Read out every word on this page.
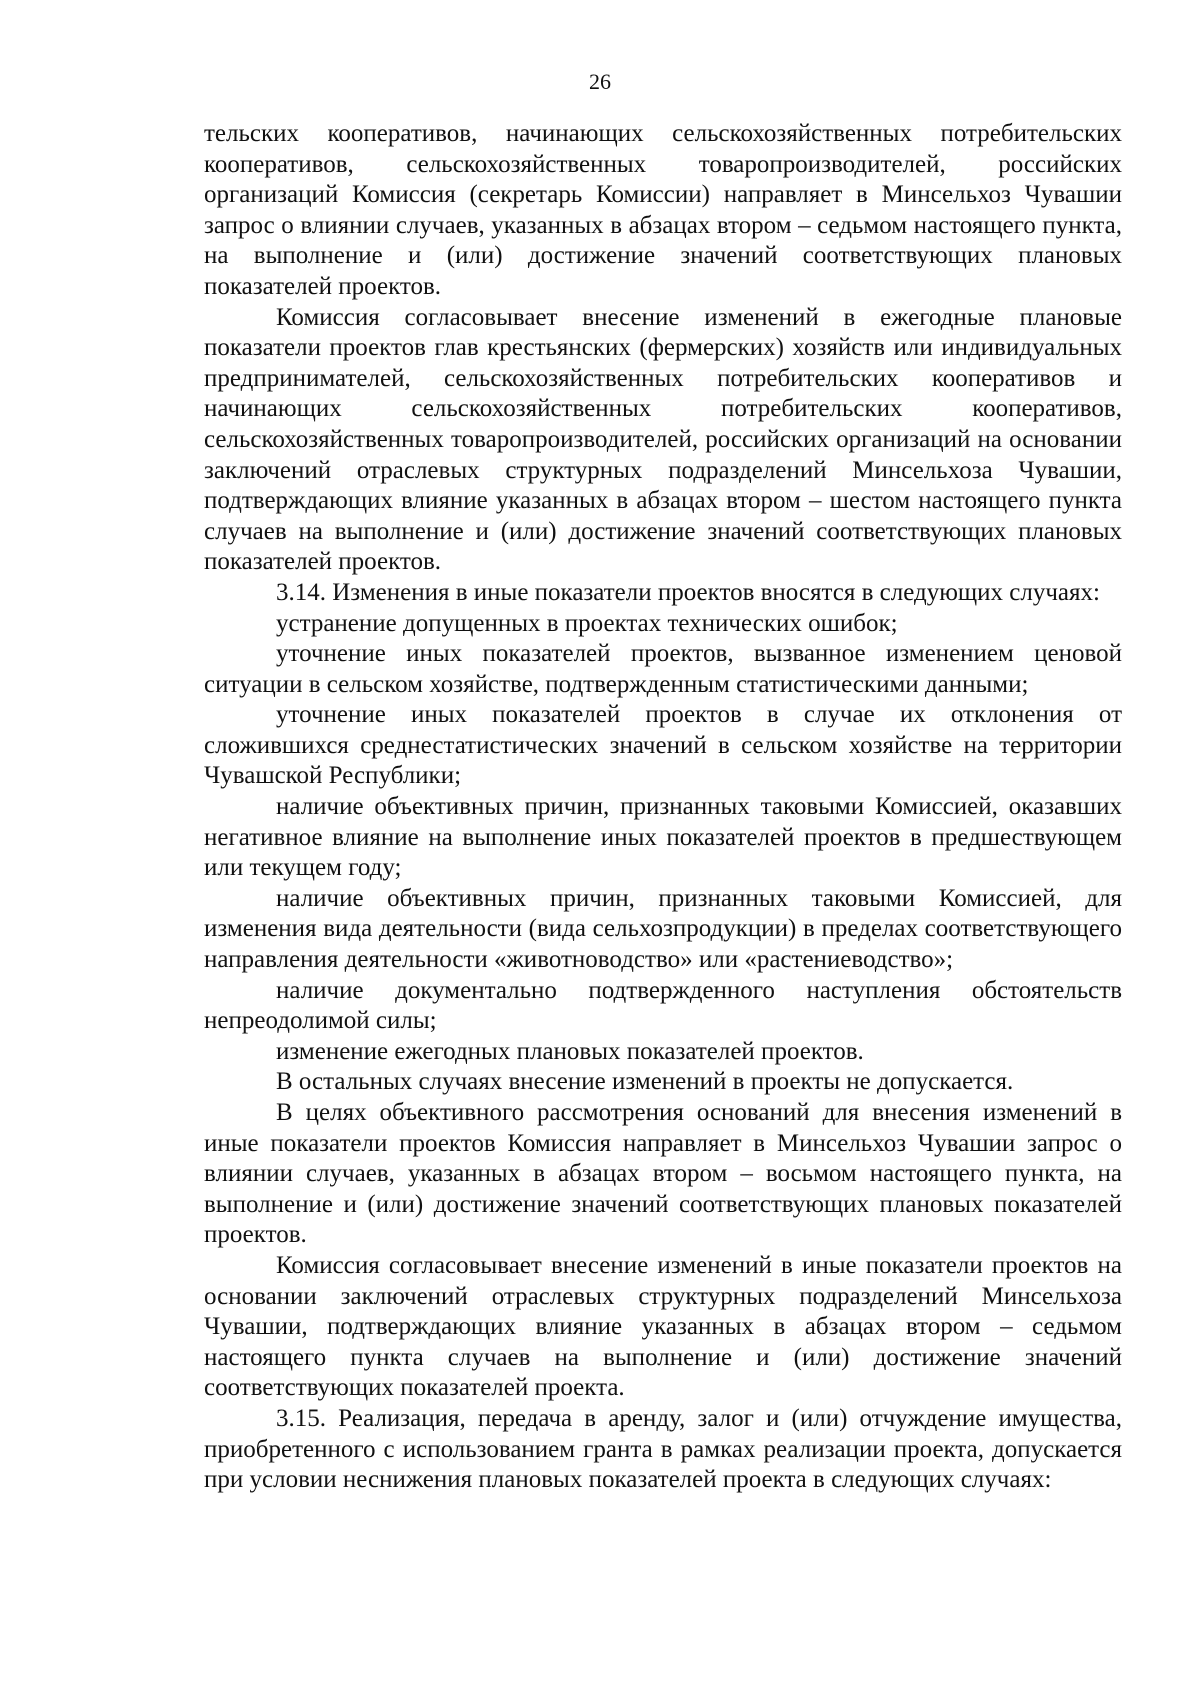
26

тельских кооперативов, начинающих сельскохозяйственных потребительских кооперативов, сельскохозяйственных товаропроизводителей, российских организаций Комиссия (секретарь Комиссии) направляет в Минсельхоз Чувашии запрос о влиянии случаев, указанных в абзацах втором – седьмом настоящего пункта, на выполнение и (или) достижение значений соответствующих плановых показателей проектов.

Комиссия согласовывает внесение изменений в ежегодные плановые показатели проектов глав крестьянских (фермерских) хозяйств или индивидуальных предпринимателей, сельскохозяйственных потребительских кооперативов и начинающих сельскохозяйственных потребительских кооперативов, сельскохозяйственных товаропроизводителей, российских организаций на основании заключений отраслевых структурных подразделений Минсельхоза Чувашии, подтверждающих влияние указанных в абзацах втором – шестом настоящего пункта случаев на выполнение и (или) достижение значений соответствующих плановых показателей проектов.

3.14. Изменения в иные показатели проектов вносятся в следующих случаях:

устранение допущенных в проектах технических ошибок;

уточнение иных показателей проектов, вызванное изменением ценовой ситуации в сельском хозяйстве, подтвержденным статистическими данными;

уточнение иных показателей проектов в случае их отклонения от сложившихся среднестатистических значений в сельском хозяйстве на территории Чувашской Республики;

наличие объективных причин, признанных таковыми Комиссией, оказавших негативное влияние на выполнение иных показателей проектов в предшествующем или текущем году;

наличие объективных причин, признанных таковыми Комиссией, для изменения вида деятельности (вида сельхозпродукции) в пределах соответствующего направления деятельности «животноводство» или «растениеводство»;

наличие документально подтвержденного наступления обстоятельств непреодолимой силы;

изменение ежегодных плановых показателей проектов.

В остальных случаях внесение изменений в проекты не допускается.

В целях объективного рассмотрения оснований для внесения изменений в иные показатели проектов Комиссия направляет в Минсельхоз Чувашии запрос о влиянии случаев, указанных в абзацах втором – восьмом настоящего пункта, на выполнение и (или) достижение значений соответствующих плановых показателей проектов.

Комиссия согласовывает внесение изменений в иные показатели проектов на основании заключений отраслевых структурных подразделений Минсельхоза Чувашии, подтверждающих влияние указанных в абзацах втором – седьмом настоящего пункта случаев на выполнение и (или) достижение значений соответствующих показателей проекта.

3.15. Реализация, передача в аренду, залог и (или) отчуждение имущества, приобретенного с использованием гранта в рамках реализации проекта, допускается при условии неснижения плановых показателей проекта в следующих случаях:
